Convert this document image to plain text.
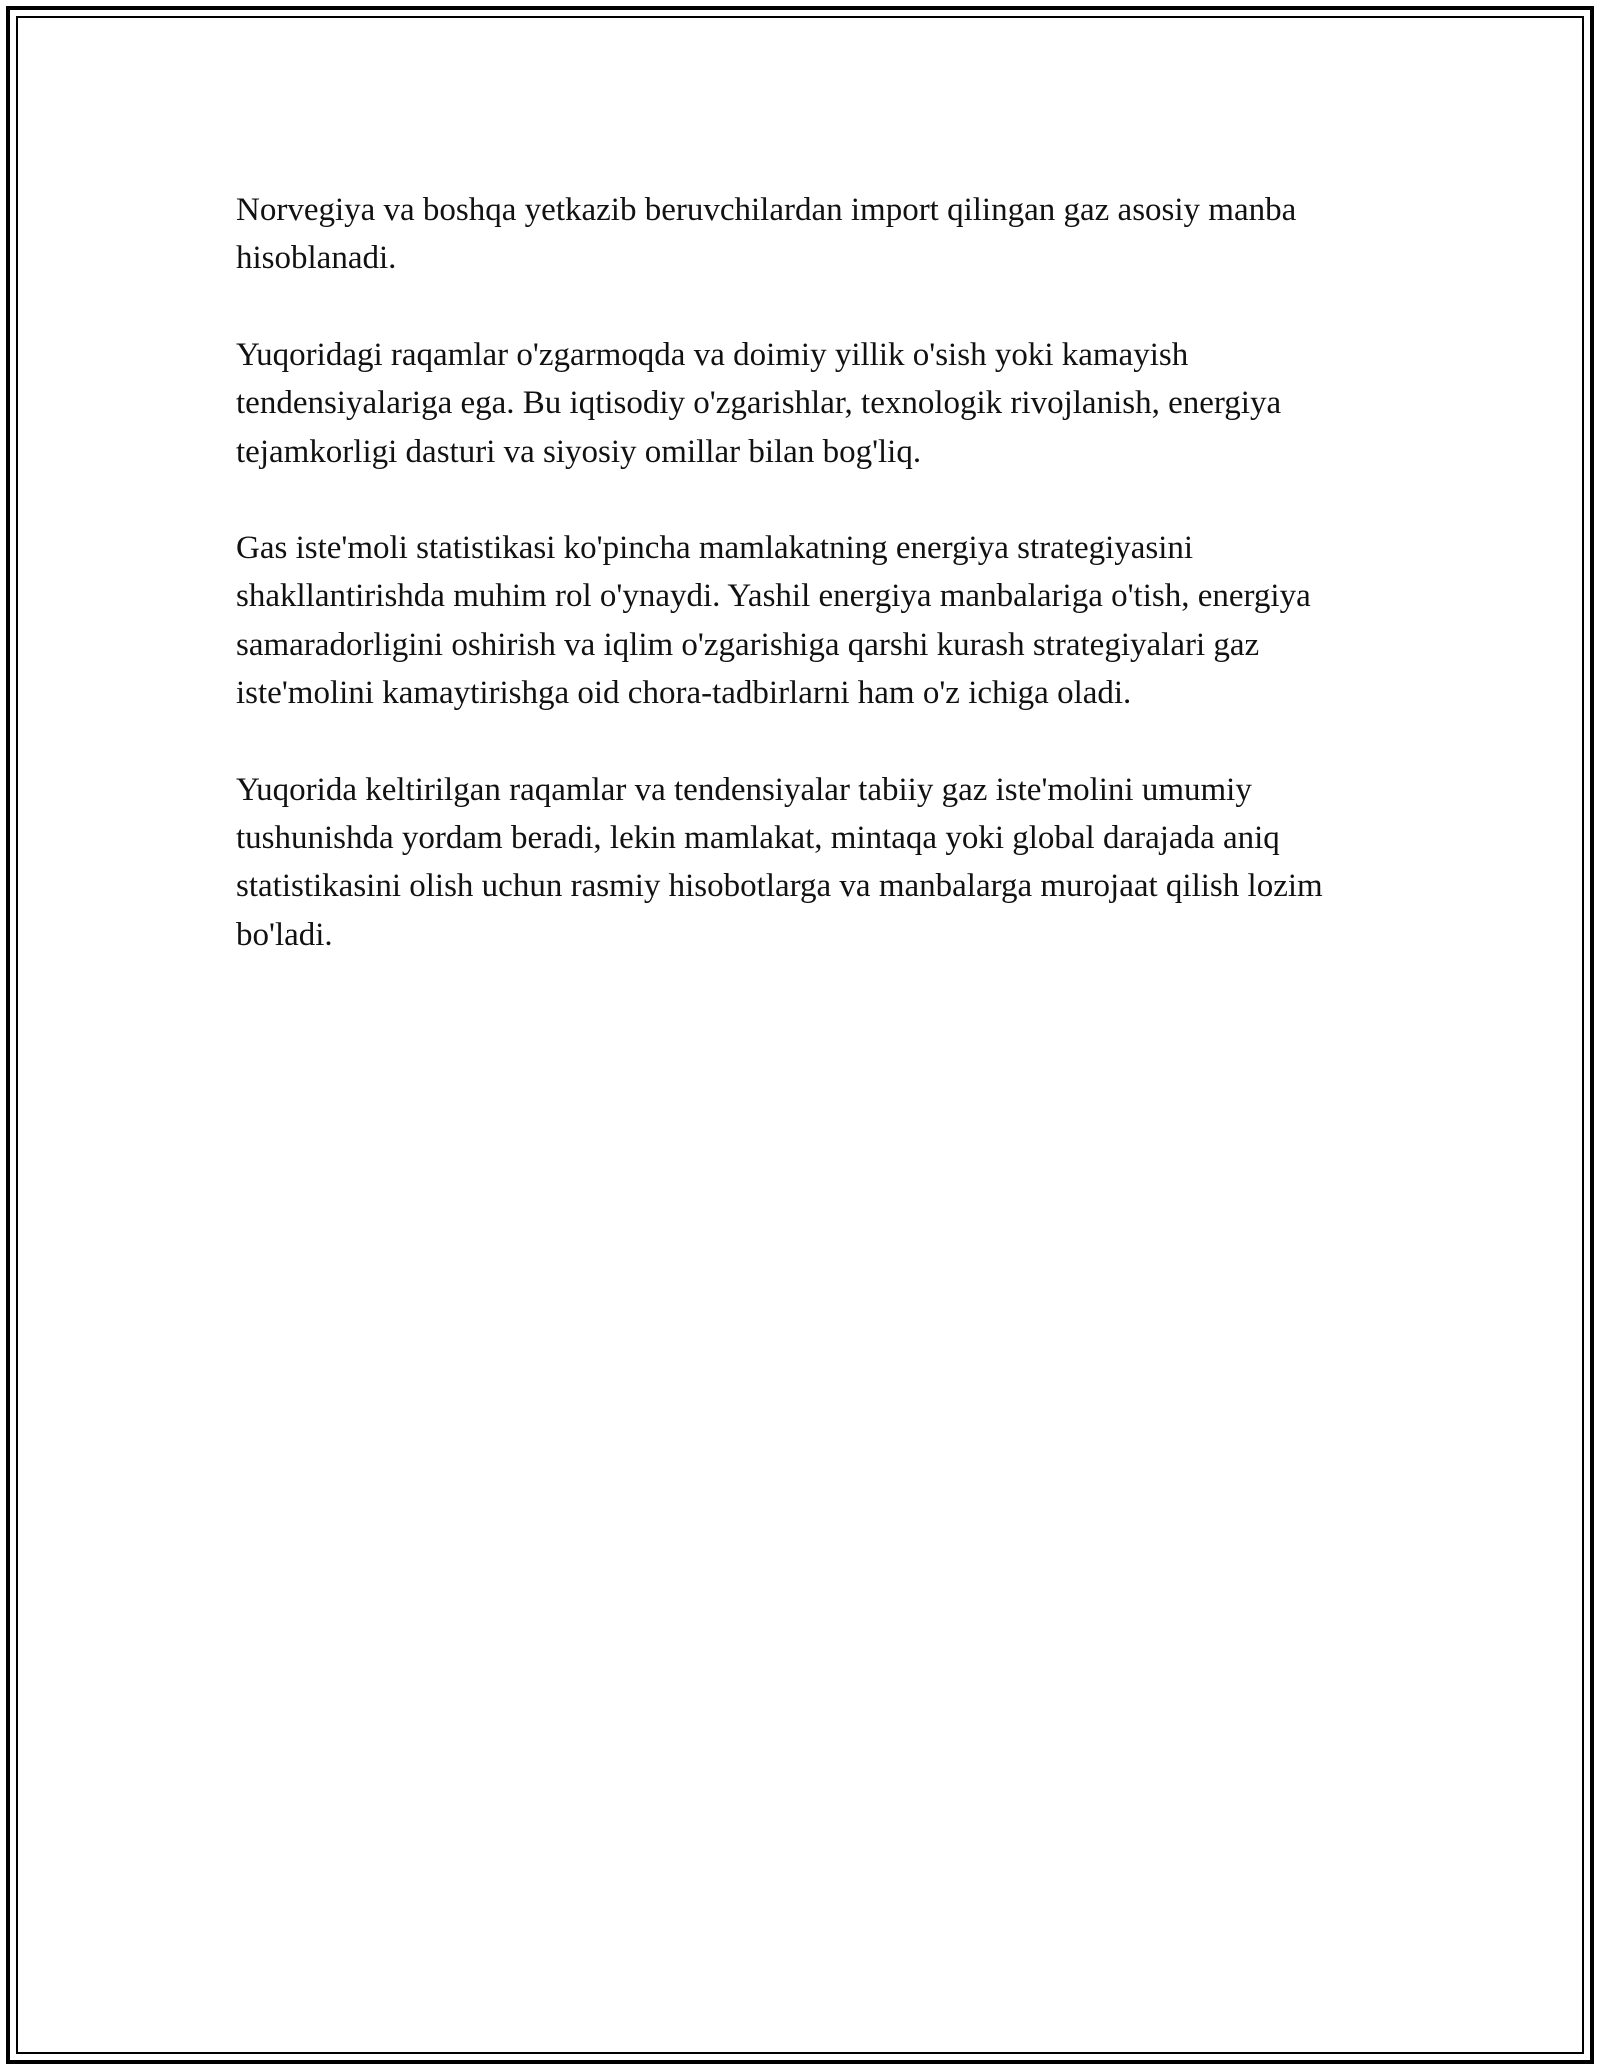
Norvegiya va boshqa yetkazib beruvchilardan import qilingan gaz asosiy manba hisoblanadi.

Yuqoridagi raqamlar o'zgarmoqda va doimiy yillik o'sish yoki kamayish tendensiyalariga ega. Bu iqtisodiy o'zgarishlar, texnologik rivojlanish, energiya tejamkorligi dasturi va siyosiy omillar bilan bog'liq.

Gas iste'moli statistikasi ko'pincha mamlakatning energiya strategiyasini shakllantirishda muhim rol o'ynaydi. Yashil energiya manbalariga o'tish, energiya samaradorligini oshirish va iqlim o'zgarishiga qarshi kurash strategiyalari gaz iste'molini kamaytirishga oid chora-tadbirlarni ham o'z ichiga oladi.

Yuqorida keltirilgan raqamlar va tendensiyalar tabiiy gaz iste'molini umumiy tushunishda yordam beradi, lekin mamlakat, mintaqa yoki global darajada aniq statistikasini olish uchun rasmiy hisobotlarga va manbalarga murojaat qilish lozim bo'ladi.
